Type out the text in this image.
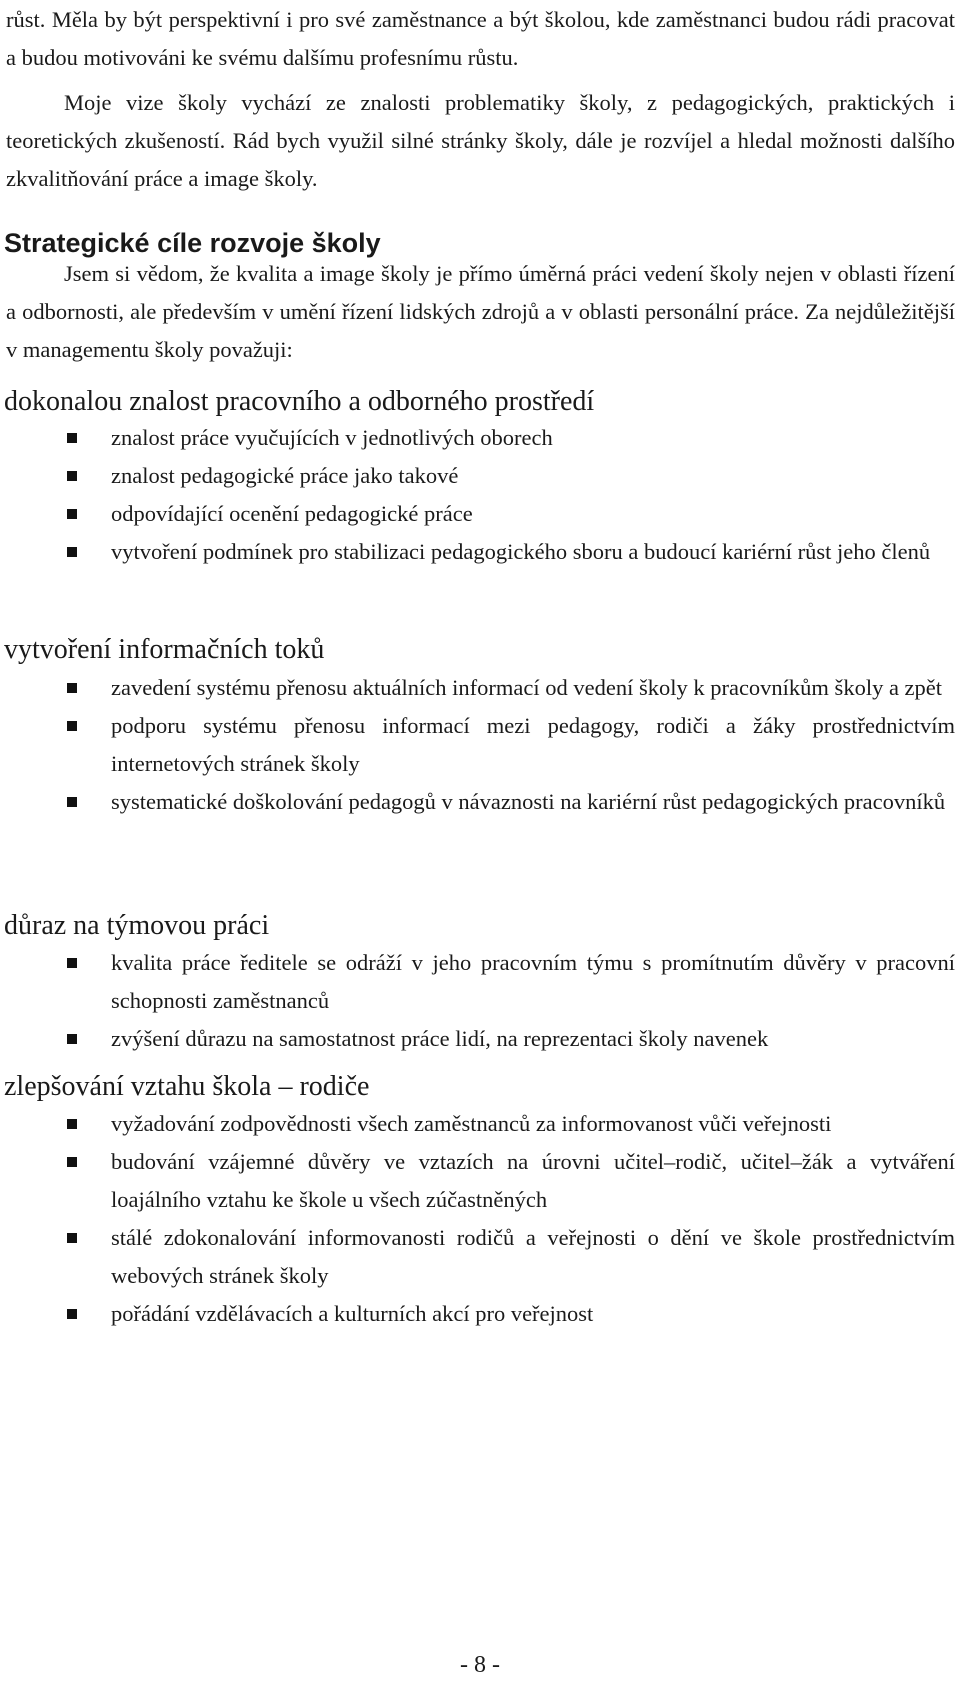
růst. Měla by být perspektivní i pro své zaměstnance a být školou, kde zaměstnanci budou rádi pracovat a budou motivováni ke svému dalšímu profesnímu růstu.

Moje vize školy vychází ze znalosti problematiky školy, z pedagogických, praktických i teoretických zkušeností. Rád bych využil silné stránky školy, dále je rozvíjel a hledal možnosti dalšího zkvalitňování práce a image školy.

Strategické cíle rozvoje školy

Jsem si vědom, že kvalita a image školy je přímo úměrná práci vedení školy nejen v oblasti řízení a odbornosti, ale především v umění řízení lidských zdrojů a v oblasti personální práce. Za nejdůležitější v managementu školy považuji:

dokonalou znalost pracovního a odborného prostředí
znalost práce vyučujících v jednotlivých oborech
znalost pedagogické práce jako takové
odpovídající ocenění pedagogické práce
vytvoření podmínek pro stabilizaci pedagogického sboru a budoucí kariérní růst jeho členů
vytvoření informačních toků
zavedení systému přenosu aktuálních informací od vedení školy k pracovníkům školy a zpět
podporu systému přenosu informací mezi pedagogy, rodiči a žáky prostřednictvím internetových stránek školy
systematické doškolování pedagogů v návaznosti na kariérní růst pedagogických pracovníků
důraz na týmovou práci
kvalita práce ředitele se odráží v jeho pracovním týmu s promítnutím důvěry v pracovní schopnosti zaměstnanců
zvýšení důrazu na samostatnost práce lidí, na reprezentaci školy navenek
zlepšování vztahu škola – rodiče
vyžadování zodpovědnosti všech zaměstnanců za informovanost vůči veřejnosti
budování vzájemné důvěry ve vztazích na úrovni učitel–rodič, učitel–žák a vytváření loajálního vztahu ke škole u všech zúčastněných
stálé zdokonalování informovanosti rodičů a veřejnosti o dění ve škole prostřednictvím webových stránek školy
pořádání vzdělávacích a kulturních akcí pro veřejnost

- 8 -
